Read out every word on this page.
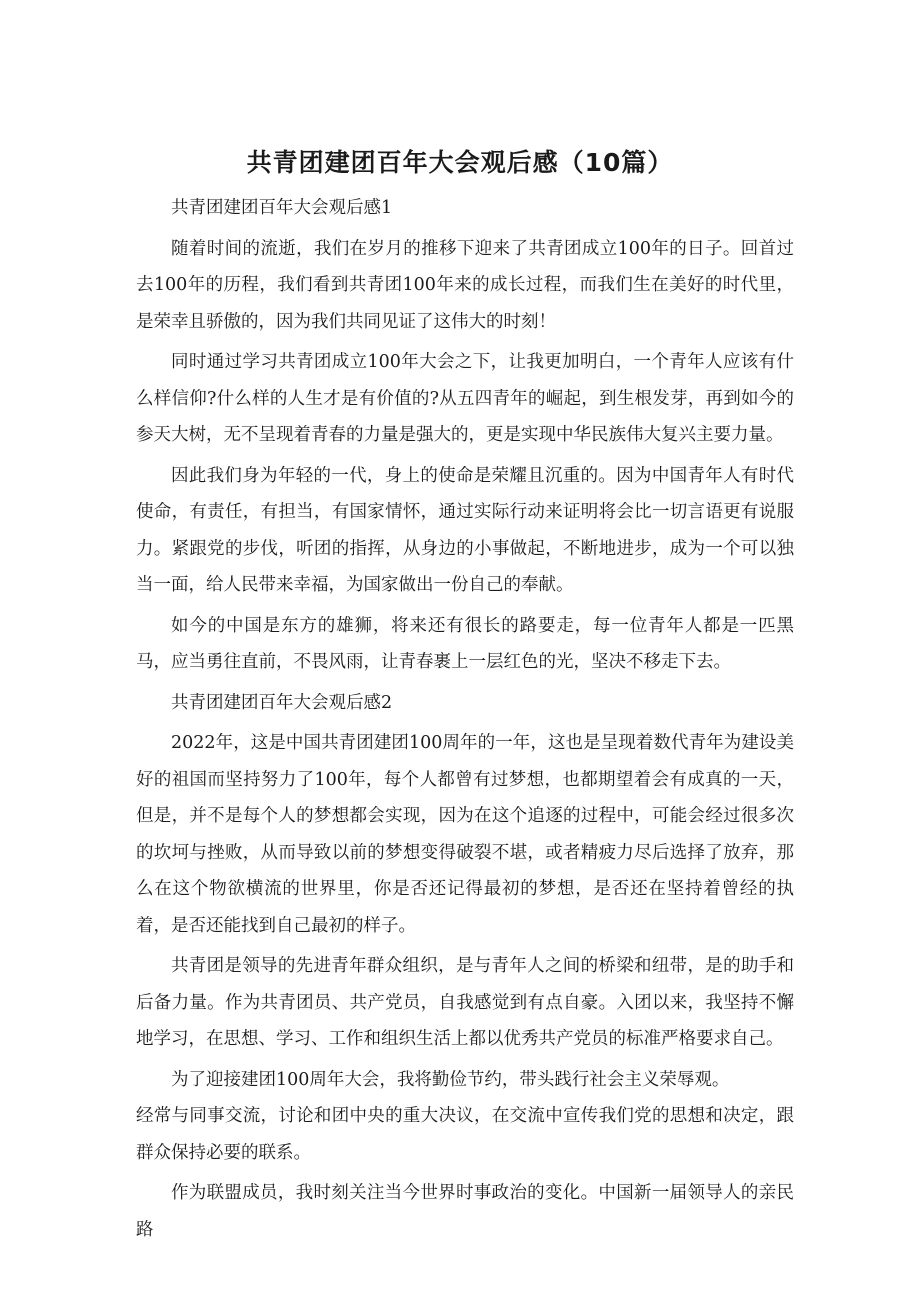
共青团建团百年大会观后感（10篇）

共青团建团百年大会观后感1

随着时间的流逝，我们在岁月的推移下迎来了共青团成立100年的日子。回首过去100年的历程，我们看到共青团100年来的成长过程，而我们生在美好的时代里，是荣幸且骄傲的，因为我们共同见证了这伟大的时刻！

同时通过学习共青团成立100年大会之下，让我更加明白，一个青年人应该有什么样信仰?什么样的人生才是有价值的?从五四青年的崛起，到生根发芽，再到如今的参天大树，无不呈现着青春的力量是强大的，更是实现中华民族伟大复兴主要力量。

因此我们身为年轻的一代，身上的使命是荣耀且沉重的。因为中国青年人有时代使命，有责任，有担当，有国家情怀，通过实际行动来证明将会比一切言语更有说服力。紧跟党的步伐，听团的指挥，从身边的小事做起，不断地进步，成为一个可以独当一面，给人民带来幸福，为国家做出一份自己的奉献。

如今的中国是东方的雄狮，将来还有很长的路要走，每一位青年人都是一匹黑马，应当勇往直前，不畏风雨，让青春裹上一层红色的光，坚决不移走下去。

共青团建团百年大会观后感2

2022年，这是中国共青团建团100周年的一年，这也是呈现着数代青年为建设美好的祖国而坚持努力了100年，每个人都曾有过梦想，也都期望着会有成真的一天，但是，并不是每个人的梦想都会实现，因为在这个追逐的过程中，可能会经过很多次的坎坷与挫败，从而导致以前的梦想变得破裂不堪，或者精疲力尽后选择了放弃，那么在这个物欲横流的世界里，你是否还记得最初的梦想，是否还在坚持着曾经的执着，是否还能找到自己最初的样子。

共青团是领导的先进青年群众组织，是与青年人之间的桥梁和纽带，是的助手和后备力量。作为共青团员、共产党员，自我感觉到有点自豪。入团以来，我坚持不懈地学习，在思想、学习、工作和组织生活上都以优秀共产党员的标准严格要求自己。

为了迎接建团100周年大会，我将勤俭节约，带头践行社会主义荣辱观。

经常与同事交流，讨论和团中央的重大决议，在交流中宣传我们党的思想和决定，跟群众保持必要的联系。

作为联盟成员，我时刻关注当今世界时事政治的变化。中国新一届领导人的亲民路
